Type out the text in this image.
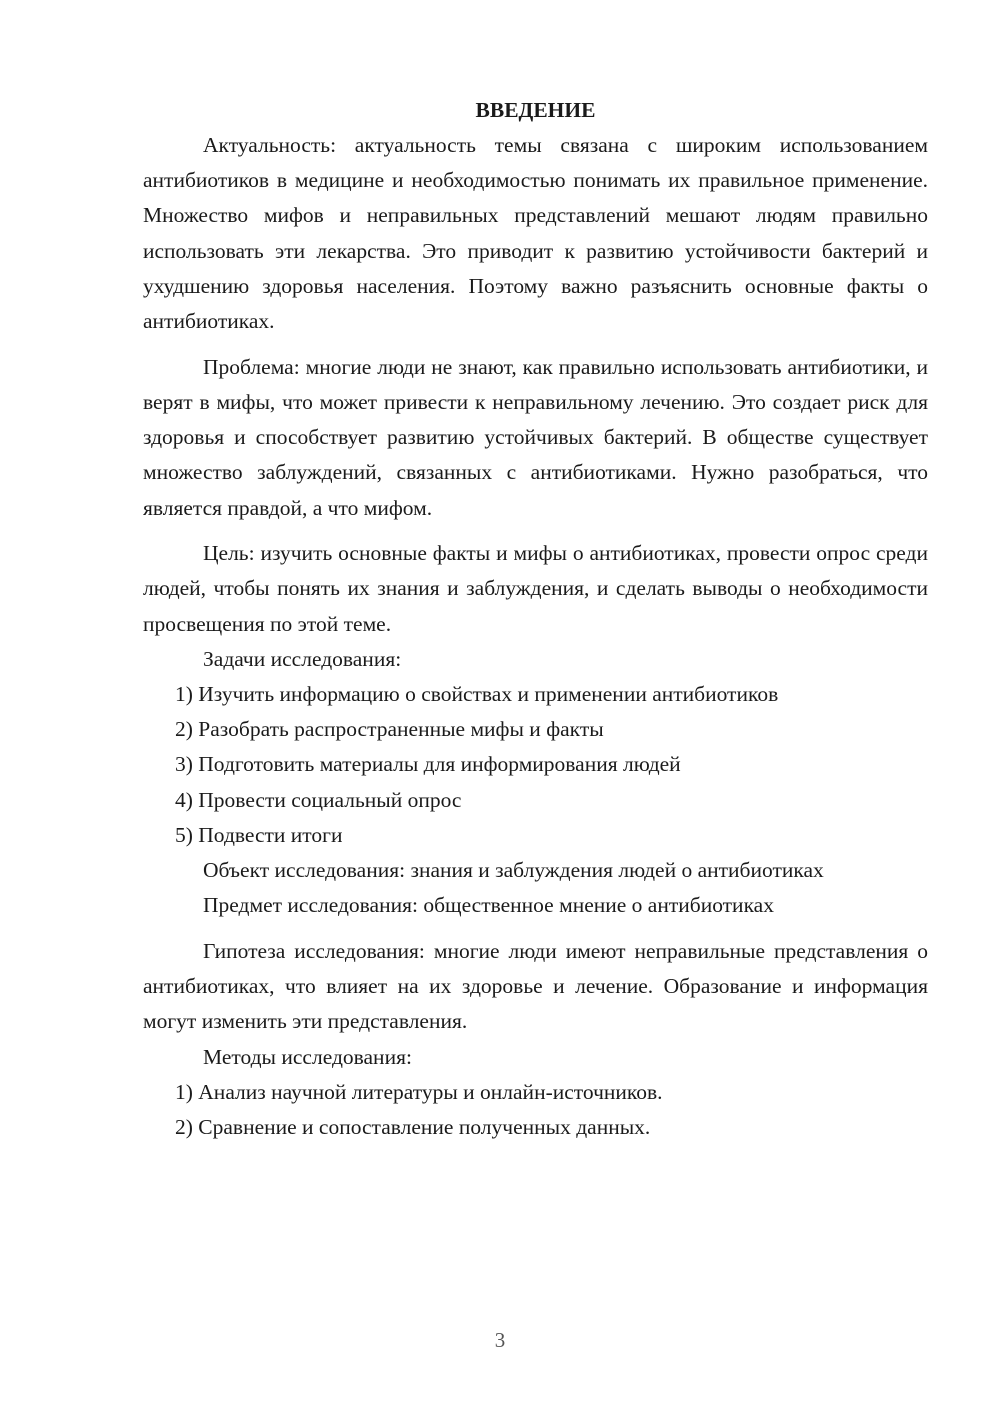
ВВЕДЕНИЕ

Актуальность: актуальность темы связана с широким использованием антибиотиков в медицине и необходимостью понимать их правильное применение. Множество мифов и неправильных представлений мешают людям правильно использовать эти лекарства. Это приводит к развитию устойчивости бактерий и ухудшению здоровья населения. Поэтому важно разъяснить основные факты о антибиотиках.

Проблема: многие люди не знают, как правильно использовать антибиотики, и верят в мифы, что может привести к неправильному лечению. Это создает риск для здоровья и способствует развитию устойчивых бактерий. В обществе существует множество заблуждений, связанных с антибиотиками. Нужно разобраться, что является правдой, а что мифом.

Цель: изучить основные факты и мифы о антибиотиках, провести опрос среди людей, чтобы понять их знания и заблуждения, и сделать выводы о необходимости просвещения по этой теме.

Задачи исследования:

1) Изучить информацию о свойствах и применении антибиотиков

2) Разобрать распространенные мифы и факты

3) Подготовить материалы для информирования людей

4) Провести социальный опрос

5) Подвести итоги

Объект исследования: знания и заблуждения людей о антибиотиках

Предмет исследования: общественное мнение о антибиотиках

Гипотеза исследования: многие люди имеют неправильные представления о антибиотиках, что влияет на их здоровье и лечение. Образование и информация могут изменить эти представления.

Методы исследования:

1) Анализ научной литературы и онлайн-источников.

2) Сравнение и сопоставление полученных данных.

3
